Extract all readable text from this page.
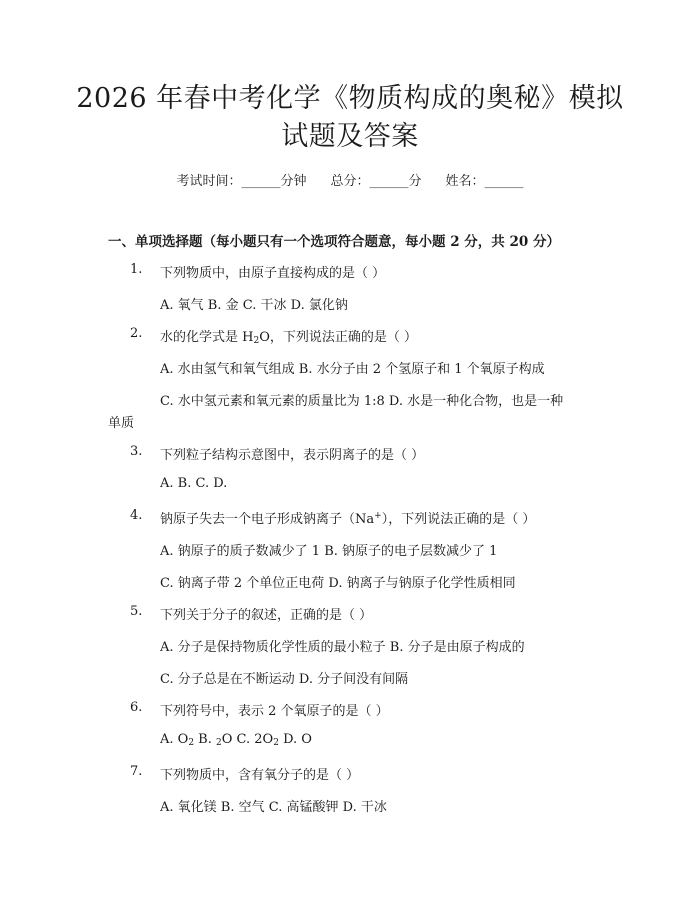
2026 年春中考化学《物质构成的奥秘》模拟
试题及答案
考试时间：______分钟 总分：______分 姓名：______
一、单项选择题（每小题只有一个选项符合题意，每小题 2 分，共 20 分）
1. 下列物质中，由原子直接构成的是（ ）
A. 氧气 B. 金 C. 干冰 D. 氯化钠
2. 水的化学式是 $H_2O$，下列说法正确的是（ ）
A. 水由氢气和氧气组成 B. 水分子由 2 个氢原子和 1 个氧原子构成
C. 水中氢元素和氧元素的质量比为 1:8 D. 水是一种化合物，也是一种
单质
3. 下列粒子结构示意图中，表示阴离子的是（ ）
A. B. C. D.
4. 钠原子失去一个电子形成钠离子（Na+），下列说法正确的是（ ）
A. 钠原子的质子数减少了 1 B. 钠原子的电子层数减少了 1
C. 钠离子带 2 个单位正电荷 D. 钠离子与钠原子化学性质相同
5. 下列关于分子的叙述，正确的是（ ）
A. 分子是保持物质化学性质的最小粒子 B. 分子是由原子构成的
C. 分子总是在不断运动 D. 分子间没有间隔
6. 下列符号中，表示 2 个氧原子的是（ ）
A. $O_2$ B. $_2$O C. $2O_2$ D. O
7. 下列物质中，含有氧分子的是（ ）
A. 氧化镁 B. 空气 C. 高锰酸钾 D. 干冰
